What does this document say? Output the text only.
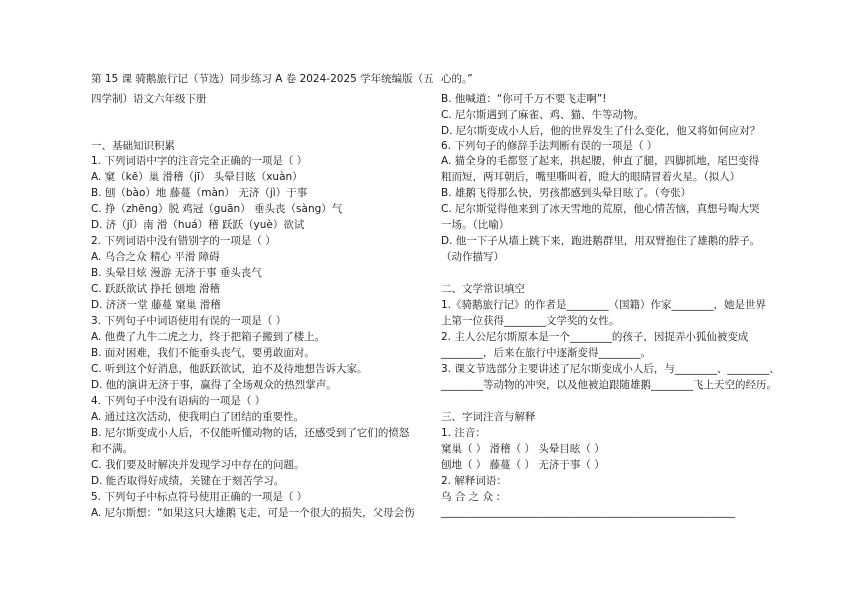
第 15 课 骑鹅旅行记（节选）同步练习 A 卷 2024-2025 学年统编版（五
四学制）语文六年级下册
一、基础知识积累
1. 下列词语中字的注音完全正确的一项是（ ）
A. 窠（kē）巢 滑稽（jī） 头晕目眩（xuàn）
B. 刨（bào）地 藤蔓（màn） 无济（jì）于事
C. 挣（zhēng）脱 鸡冠（guān） 垂头丧（sàng）气
D. 济（jǐ）南 滑（huá）稽 跃跃（yuè）欲试
2. 下列词语中没有错别字的一项是（ ）
A. 乌合之众 精心 平滑 障碍
B. 头晕目炫 漫游 无济于事 垂头丧气
C. 跃跃欲试 挣托 刨地 滑稽
D. 济济一堂 藤蔓 窠巢 滑稽
3. 下列句子中词语使用有误的一项是（ ）
A. 他费了九牛二虎之力，终于把箱子搬到了楼上。
B. 面对困难，我们不能垂头丧气，要勇敢面对。
C. 听到这个好消息，他跃跃欲试，迫不及待地想告诉大家。
D. 他的演讲无济于事，赢得了全场观众的热烈掌声。
4. 下列句子中没有语病的一项是（ ）
A. 通过这次活动，使我明白了团结的重要性。
B. 尼尔斯变成小人后，不仅能听懂动物的话，还感受到了它们的愤怒
和不满。
C. 我们要及时解决并发现学习中存在的问题。
D. 能否取得好成绩，关键在于刻苦学习。
5. 下列句子中标点符号使用正确的一项是（ ）
A. 尼尔斯想：“如果这只大雄鹅飞走，可是一个很大的损失，父母会伤
心的。”
B. 他喊道：“你可千万不要飞走啊”!
C. 尼尔斯遇到了麻雀、鸡、猫、牛等动物。
D. 尼尔斯变成小人后，他的世界发生了什么变化，他又将如何应对？
6. 下列句子的修辞手法判断有误的一项是（ ）
A. 猫全身的毛都竖了起来，拱起腰，伸直了腿，四脚抓地，尾巴变得
粗而短，两耳朝后，嘴里嘶叫着，瞪大的眼睛冒着火星。（拟人）
B. 雄鹅飞得那么快，男孩都感到头晕目眩了。（夸张）
C. 尼尔斯觉得他来到了冰天雪地的荒原，他心情苦恼，真想号啕大哭
一场。（比喻）
D. 他一下子从墙上跳下来，跑进鹅群里，用双臂抱住了雄鹅的脖子。
（动作描写）
二、文学常识填空
1.《骑鹅旅行记》的作者是________（国籍）作家________，她是世界
上第一位获得________文学奖的女性。
2. 主人公尼尔斯原本是一个________的孩子，因捉弄小狐仙被变成
________，后来在旅行中逐渐变得________。
3. 课文节选部分主要讲述了尼尔斯变成小人后，与________、________、
________等动物的冲突，以及他被迫跟随雄鹅________飞上天空的经历。
三、字词注音与解释
1. 注音：
窠巢（ ） 滑稽（ ） 头晕目眩（ ）
刨地（ ） 藤蔓（ ） 无济于事（ ）
2. 解释词语：
乌 合 之 众 :
________________________________________________________
